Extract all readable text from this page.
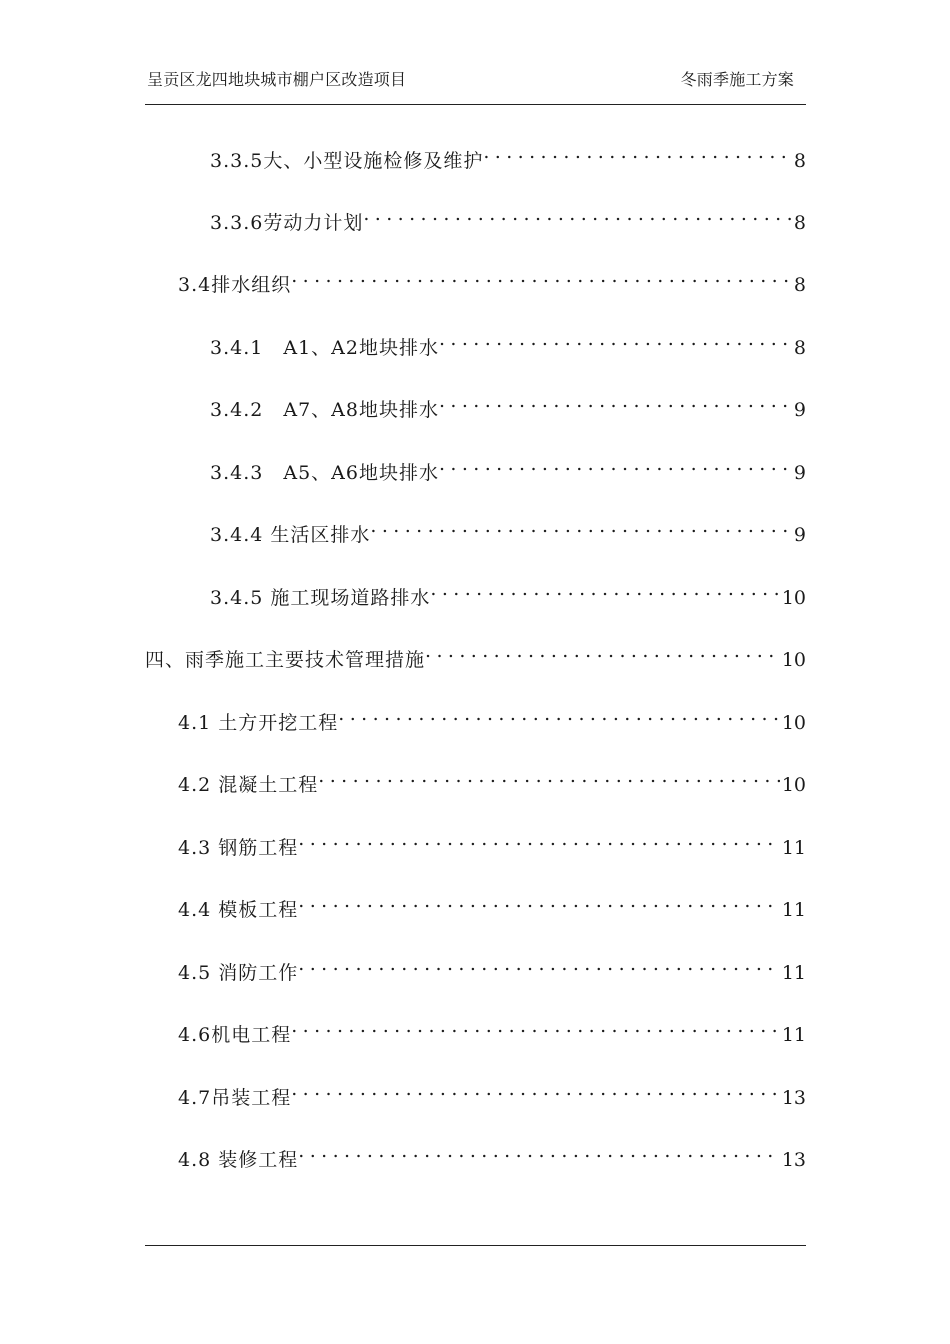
呈贡区龙四地块城市棚户区改造项目	冬雨季施工方案
3.3.5大、小型设施检修及维护 .....	8
3.3.6劳动力计划 .....	8
3.4排水组织 .....	8
3.4.1　A1、A2地块排水 .....	8
3.4.2　A7、A8地块排水 .....	9
3.4.3　A5、A6地块排水 .....	9
3.4.4 生活区排水 .....	9
3.4.5 施工现场道路排水 .....	10
四、雨季施工主要技术管理措施 .....	10
4.1 土方开挖工程 .....	10
4.2 混凝土工程 .....	10
4.3 钢筋工程 .....	11
4.4 模板工程 .....	11
4.5 消防工作 .....	11
4.6机电工程 .....	11
4.7吊装工程 .....	13
4.8 装修工程 .....	13
